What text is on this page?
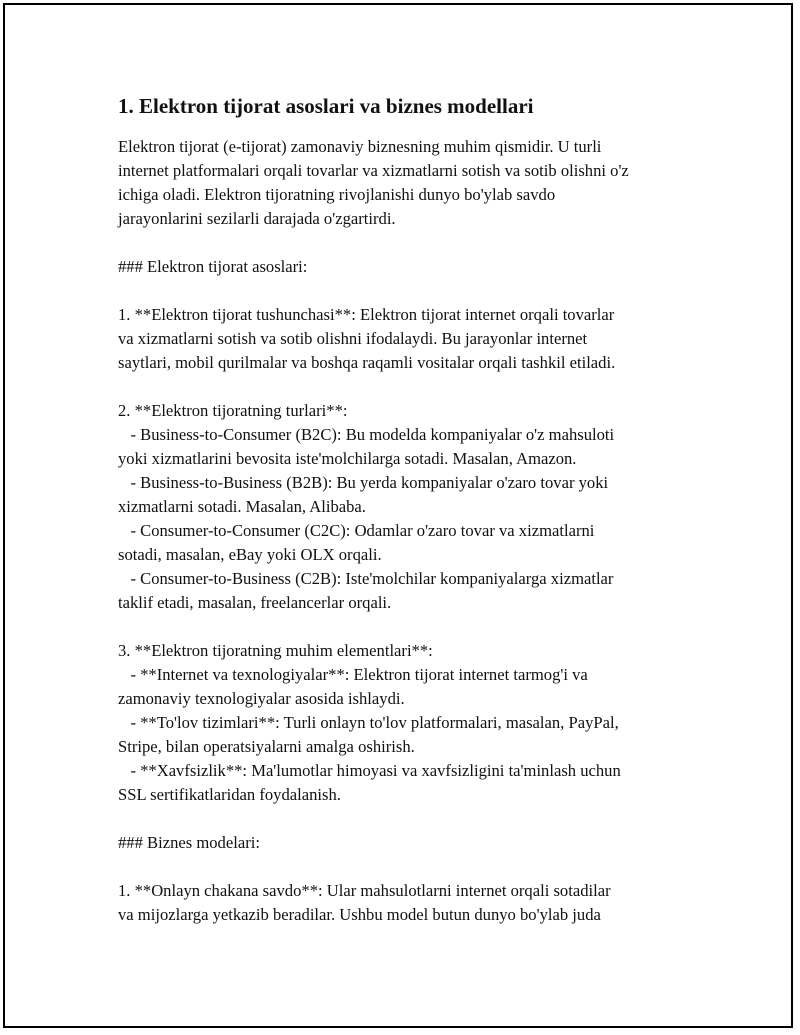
1. Elektron tijorat asoslari va biznes modellari

Elektron tijorat (e-tijorat) zamonaviy biznesning muhim qismidir. U turli
internet platformalari orqali tovarlar va xizmatlarni sotish va sotib olishni o'z
ichiga oladi. Elektron tijoratning rivojlanishi dunyo bo'ylab savdo
jarayonlarini sezilarli darajada o'zgartirdi.

### Elektron tijorat asoslari:

1. **Elektron tijorat tushunchasi**: Elektron tijorat internet orqali tovarlar
va xizmatlarni sotish va sotib olishni ifodalaydi. Bu jarayonlar internet
saytlari, mobil qurilmalar va boshqa raqamli vositalar orqali tashkil etiladi.

2. **Elektron tijoratning turlari**:
- Business-to-Consumer (B2C): Bu modelda kompaniyalar o'z mahsuloti
yoki xizmatlarini bevosita iste'molchilarga sotadi. Masalan, Amazon.
- Business-to-Business (B2B): Bu yerda kompaniyalar o'zaro tovar yoki
xizmatlarni sotadi. Masalan, Alibaba.
- Consumer-to-Consumer (C2C): Odamlar o'zaro tovar va xizmatlarni
sotadi, masalan, eBay yoki OLX orqali.
- Consumer-to-Business (C2B): Iste'molchilar kompaniyalarga xizmatlar
taklif etadi, masalan, freelancerlar orqali.

3. **Elektron tijoratning muhim elementlari**:
- **Internet va texnologiyalar**: Elektron tijorat internet tarmog'i va
zamonaviy texnologiyalar asosida ishlaydi.
- **To'lov tizimlari**: Turli onlayn to'lov platformalari, masalan, PayPal,
Stripe, bilan operatsiyalarni amalga oshirish.
- **Xavfsizlik**: Ma'lumotlar himoyasi va xavfsizligini ta'minlash uchun
SSL sertifikatlaridan foydalanish.

### Biznes modelari:

1. **Onlayn chakana savdo**: Ular mahsulotlarni internet orqali sotadilar
va mijozlarga yetkazib beradilar. Ushbu model butun dunyo bo'ylab juda
